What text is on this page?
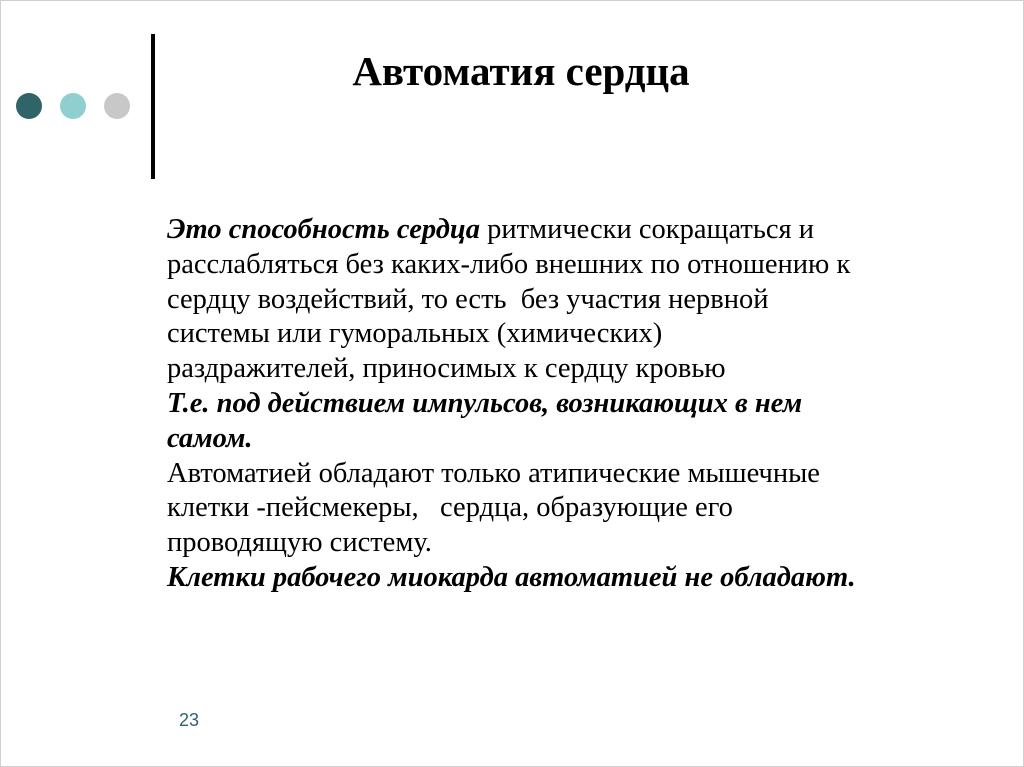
Автоматия сердца
Это способность сердца ритмически сокращаться и
расслабляться без каких-либо внешних по отношению к
сердцу воздействий, то есть  без участия нервной
системы или гуморальных (химических)
раздражителей, приносимых к сердцу кровью
Т.е. под действием импульсов, возникающих в нем
самом.
Автоматией обладают только атипические мышечные
клетки -пейсмекеры,   сердца, образующие его
проводящую систему.
Клетки рабочего миокарда автоматией не обладают.
23
